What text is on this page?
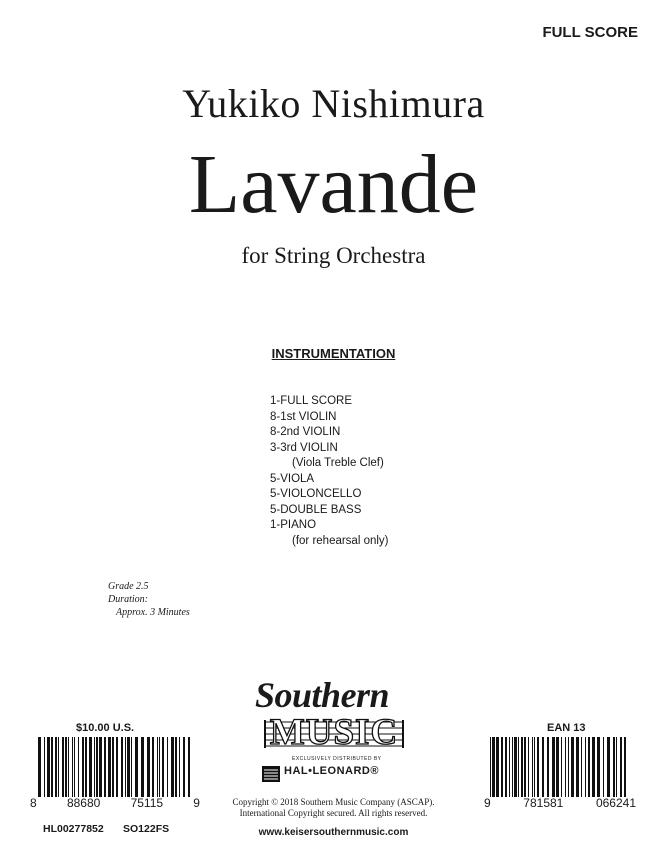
FULL SCORE
Yukiko Nishimura
Lavande
for String Orchestra
INSTRUMENTATION
1-FULL SCORE
8-1st VIOLIN
8-2nd VIOLIN
3-3rd VIOLIN
(Viola Treble Clef)
5-VIOLA
5-VIOLONCELLO
5-DOUBLE BASS
1-PIANO
(for rehearsal only)
Grade 2.5
Duration:
Approx. 3 Minutes
Southern
MUSIC
EXCLUSIVELY DISTRIBUTED BY
HAL•LEONARD®
Copyright © 2018 Southern Music Company (ASCAP).
International Copyright secured. All rights reserved.
www.keisersouthernmusic.com
$10.00 U.S.
8	88680	75115	9
HL00277852 SO122FS
EAN 13
9	781581	066241
